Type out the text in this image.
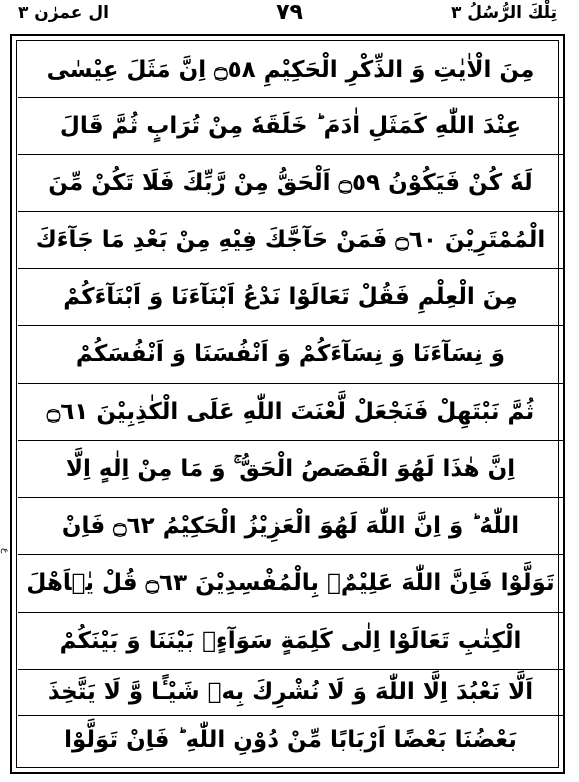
تِلْكَ الرُّسُلُ ۳
۷۹
ال عمرٰن ۳
ع
مِنَ الْاٰيٰتِ وَ الذِّكْرِ الْحَكِيْمِ ۝٥٨ اِنَّ مَثَلَ عِيْسٰى
عِنْدَ اللّٰهِ كَمَثَلِ اٰدَمَ ؕ خَلَقَهٗ مِنْ تُرَابٍ ثُمَّ قَالَ
لَهٗ كُنْ فَيَكُوْنُ ۝٥٩ اَلْحَقُّ مِنْ رَّبِّكَ فَلَا تَكُنْ مِّنَ
الْمُمْتَرِيْنَ ۝٦٠ فَمَنْ حَآجَّكَ فِيْهِ مِنْ بَعْدِ مَا جَآءَكَ
مِنَ الْعِلْمِ فَقُلْ تَعَالَوْا نَدْعُ اَبْنَآءَنَا وَ اَبْنَآءَكُمْ
وَ نِسَآءَنَا وَ نِسَآءَكُمْ وَ اَنْفُسَنَا وَ اَنْفُسَكُمْ
ثُمَّ نَبْتَهِلْ فَنَجْعَلْ لَّعْنَتَ اللّٰهِ عَلَى الْكٰذِبِيْنَ ۝٦١
اِنَّ هٰذَا لَهُوَ الْقَصَصُ الْحَقُّ ۚ وَ مَا مِنْ اِلٰهٍ اِلَّا
اللّٰهُ ؕ وَ اِنَّ اللّٰهَ لَهُوَ الْعَزِيْزُ الْحَكِيْمُ ۝٦٢ فَاِنْ
تَوَلَّوْا فَاِنَّ اللّٰهَ عَلِيْمٌۢ بِالْمُفْسِدِيْنَ ۝٦٣ قُلْ يٰۤاَهْلَ
الْكِتٰبِ تَعَالَوْا اِلٰى كَلِمَةٍ سَوَآءٍۢ بَيْنَنَا وَ بَيْنَكُمْ
اَلَّا نَعْبُدَ اِلَّا اللّٰهَ وَ لَا نُشْرِكَ بِهٖ شَيْـًٔا وَّ لَا يَتَّخِذَ
بَعْضُنَا بَعْضًا اَرْبَابًا مِّنْ دُوْنِ اللّٰهِ ؕ فَاِنْ تَوَلَّوْا
